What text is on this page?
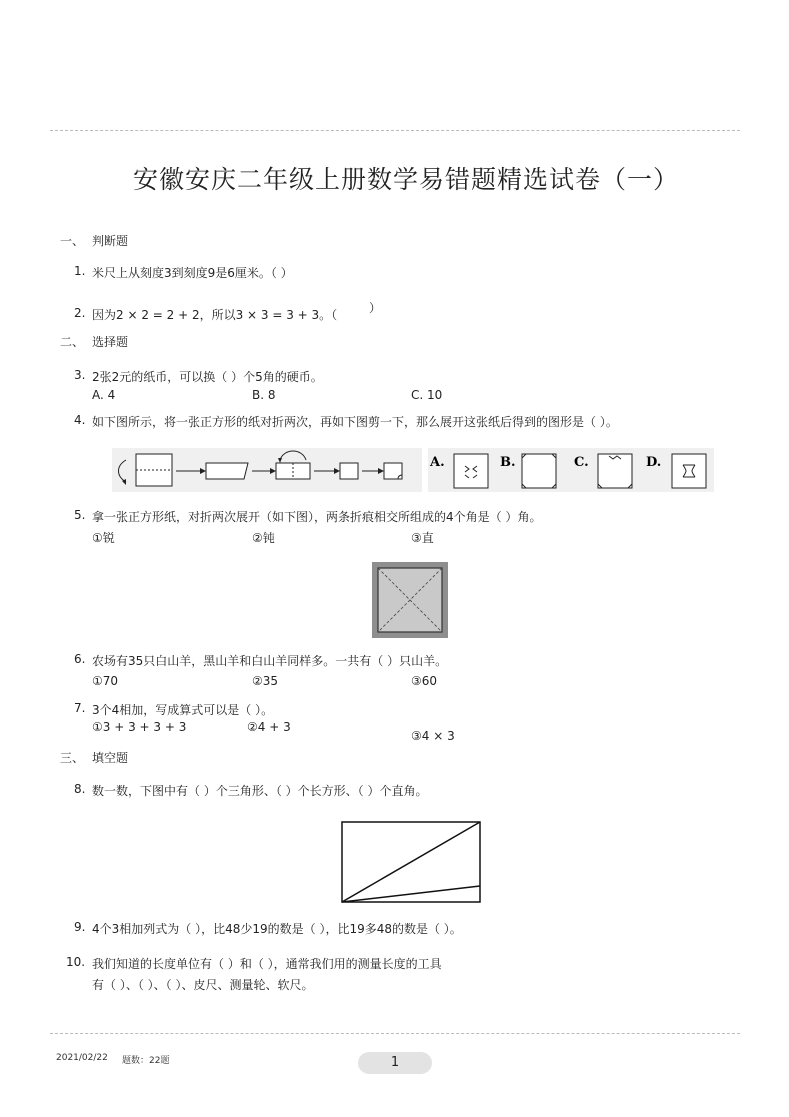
安徽安庆二年级上册数学易错题精选试卷（一）
一、 判断题
1. 米尺上从刻度3到刻度9是6厘米。（ ）
2. 因为2 × 2 = 2 + 2，所以3 × 3 = 3 + 3。（	）
二、 选择题
3. 2张2元的纸币，可以换（ ）个5角的硬币。
A. 4	B. 8	C. 10
4. 如下图所示，将一张正方形的纸对折两次，再如下图剪一下，那么展开这张纸后得到的图形是（ ）。
A.	B.	C.	D.
5. 拿一张正方形纸，对折两次展开（如下图），两条折痕相交所组成的4个角是（ ）角。
①锐	②钝	③直
6. 农场有35只白山羊，黑山羊和白山羊同样多。一共有（ ）只山羊。
①70	②35	③60
7. 3个4相加，写成算式可以是（ ）。
①3 + 3 + 3 + 3	②4 + 3
③4 × 3
三、 填空题
8. 数一数，下图中有（ ）个三角形、（ ）个长方形、（ ）个直角。
9. 4个3相加列式为（ ），比48少19的数是（ ），比19多48的数是（ ）。
10. 我们知道的长度单位有（ ）和（ ），通常我们用的测量长度的工具
有（ ）、（ ）、（ ）、皮尺、测量轮、软尺。
2021/02/22 题数：22题	1
